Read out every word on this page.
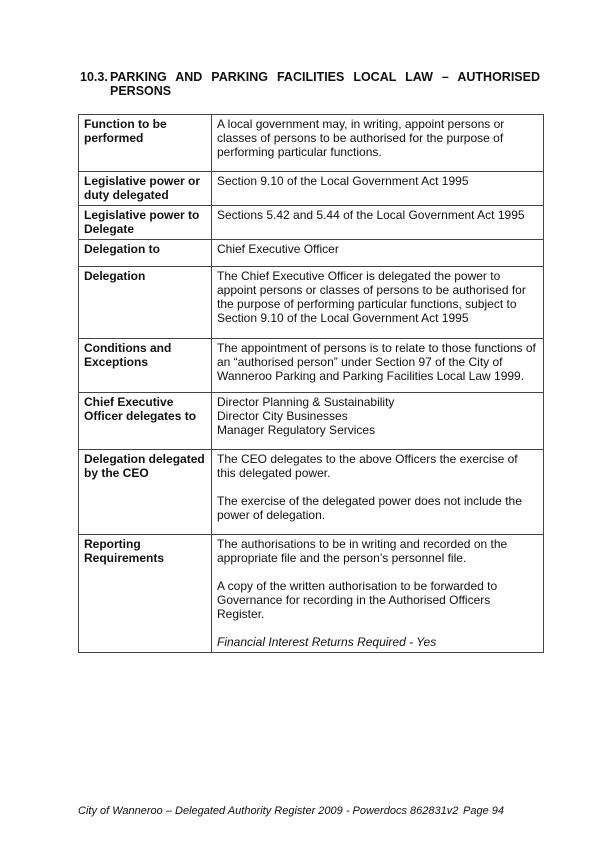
10.3. PARKING AND PARKING FACILITIES LOCAL LAW – AUTHORISED
PERSONS
Function to be performed	A local government may, in writing, appoint persons or classes of persons to be authorised for the purpose of performing particular functions.
Legislative power or duty delegated	Section 9.10 of the Local Government Act 1995
Legislative power to Delegate	Sections 5.42 and 5.44 of the Local Government Act 1995
Delegation to	Chief Executive Officer
Delegation	The Chief Executive Officer is delegated the power to appoint persons or classes of persons to be authorised for the purpose of performing particular functions, subject to Section 9.10 of the Local Government Act 1995
Conditions and Exceptions	The appointment of persons is to relate to those functions of an “authorised person” under Section 97 of the City of Wanneroo Parking and Parking Facilities Local Law 1999.
Chief Executive Officer delegates to	Director Planning & Sustainability
Director City Businesses
Manager Regulatory Services

Delegation delegated by the CEO	The CEO delegates to the above Officers the exercise of this delegated power.

The exercise of the delegated power does not include the power of delegation.

Reporting Requirements	The authorisations to be in writing and recorded on the appropriate file and the person’s personnel file.

A copy of the written authorisation to be forwarded to Governance for recording in the Authorised Officers Register.

Financial Interest Returns Required - Yes

City of Wanneroo – Delegated Authority Register 2009 - Powerdocs 862831v2 Page 94
